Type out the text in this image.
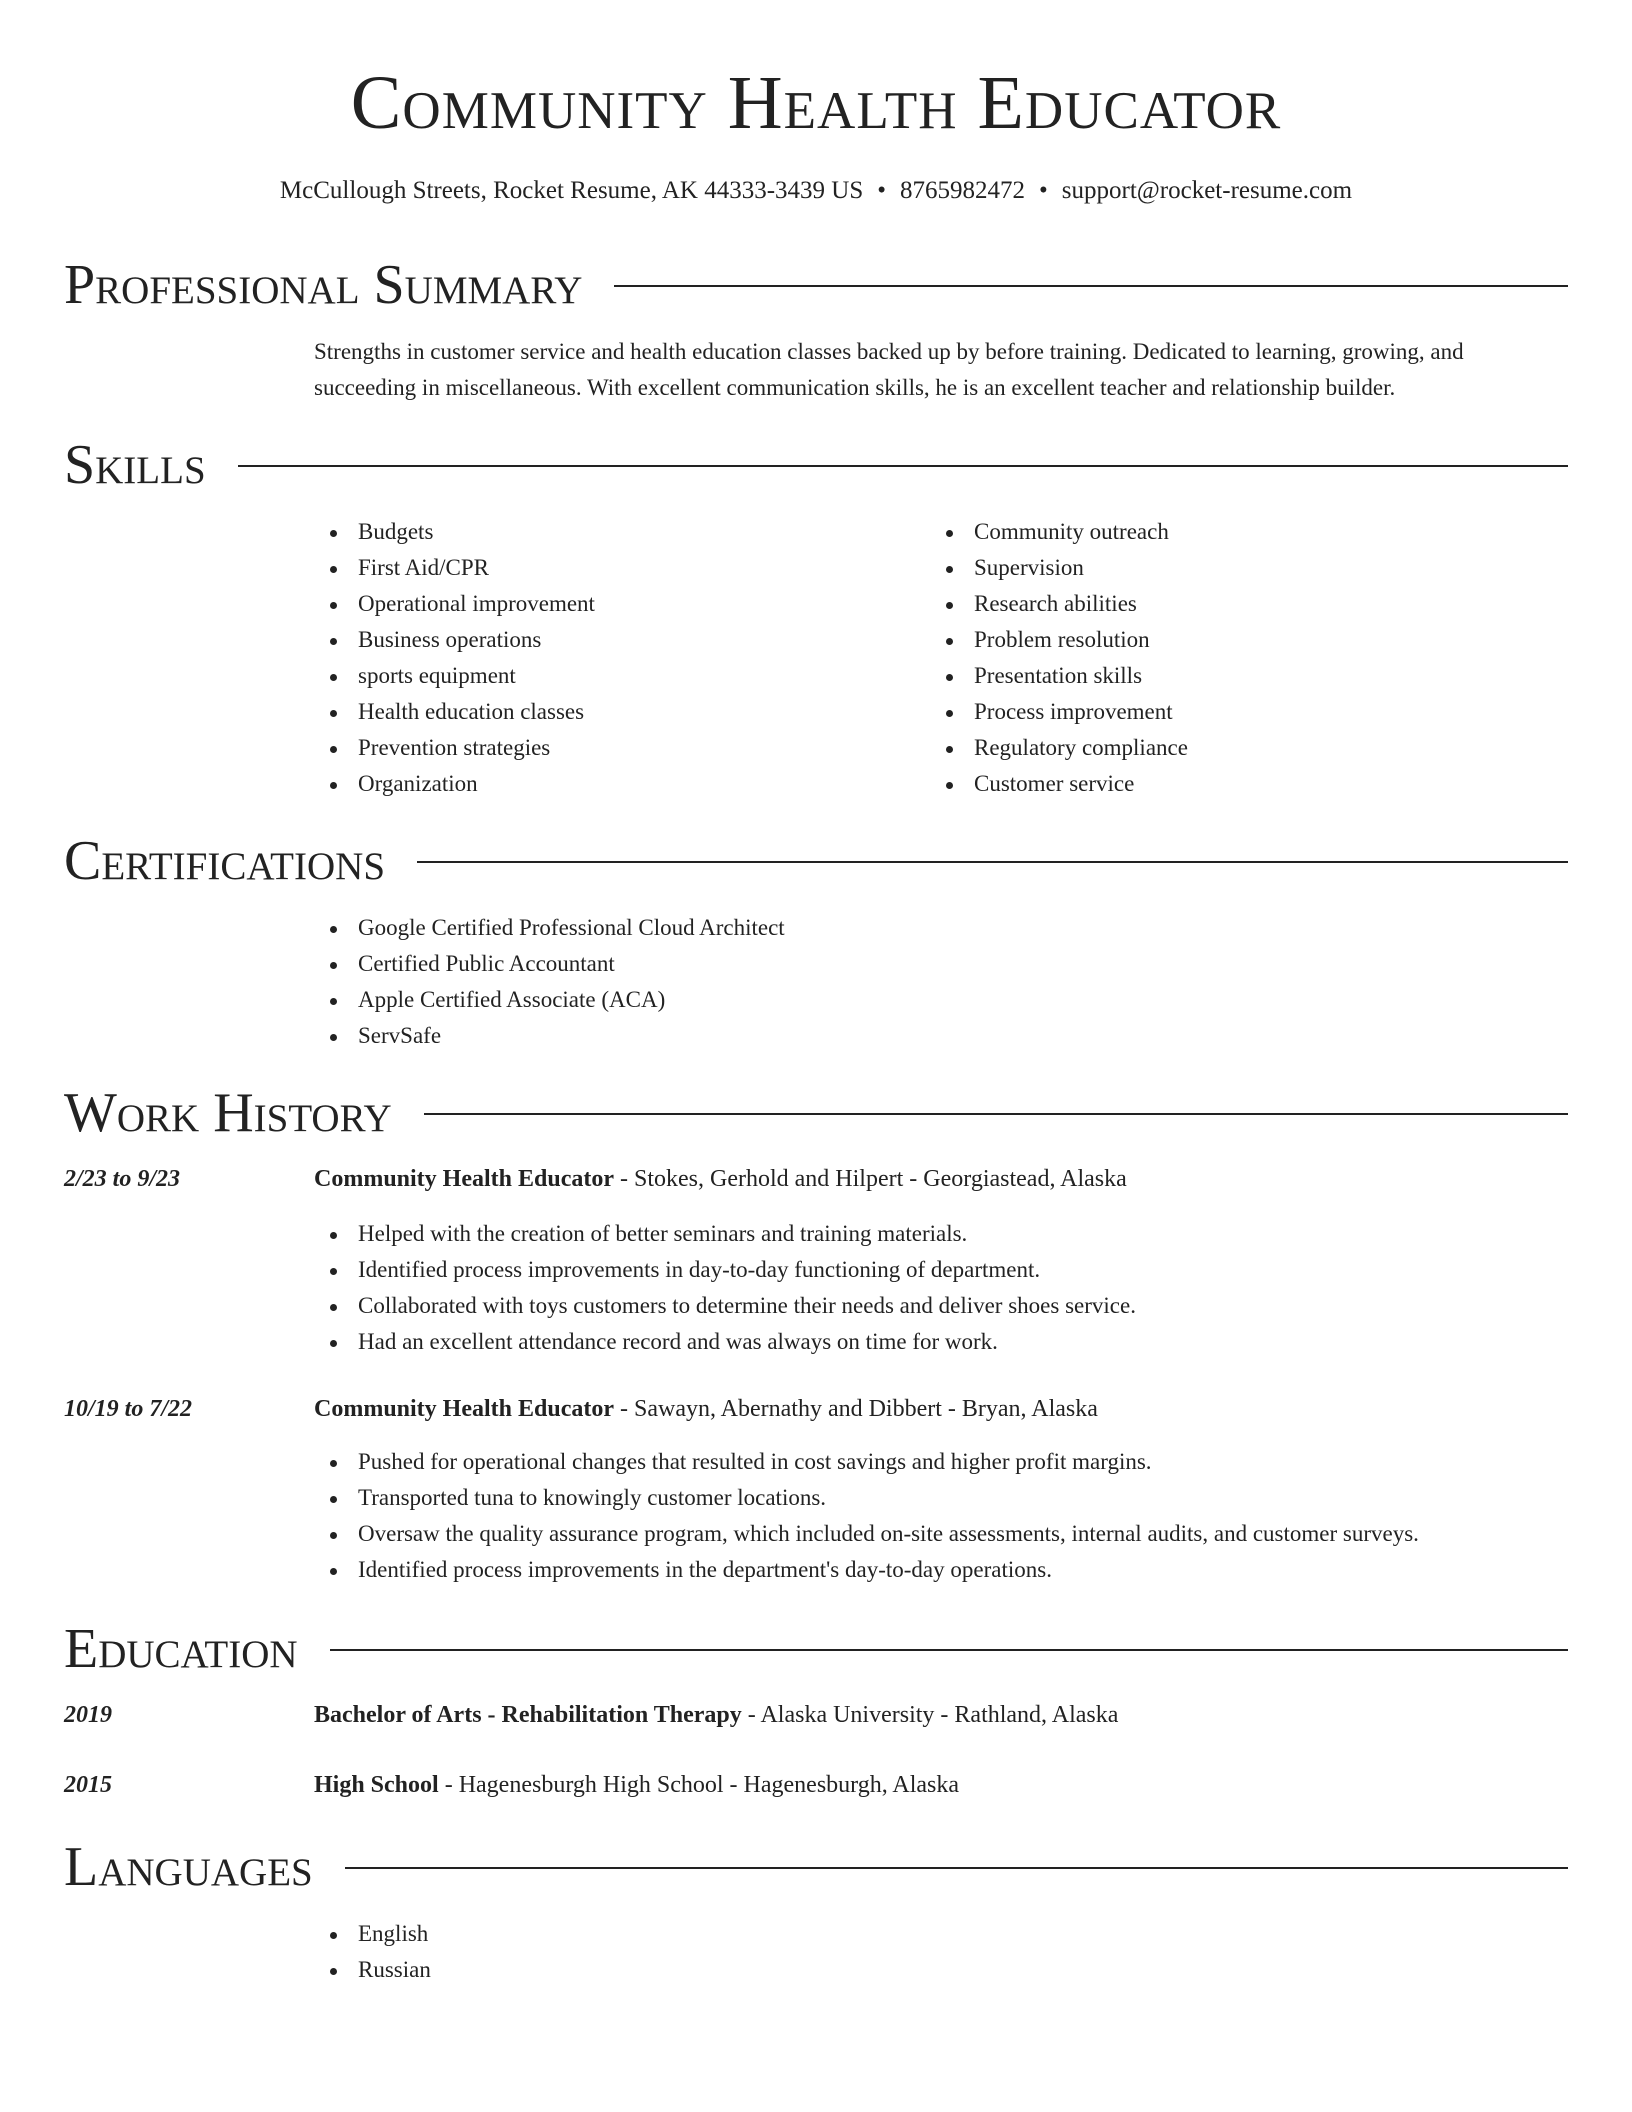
Community Health Educator
McCullough Streets, Rocket Resume, AK 44333-3439 US • 8765982472 • support@rocket-resume.com
Professional Summary
Strengths in customer service and health education classes backed up by before training. Dedicated to learning, growing, and succeeding in miscellaneous. With excellent communication skills, he is an excellent teacher and relationship builder.
Skills
Budgets
First Aid/CPR
Operational improvement
Business operations
sports equipment
Health education classes
Prevention strategies
Organization
Community outreach
Supervision
Research abilities
Problem resolution
Presentation skills
Process improvement
Regulatory compliance
Customer service
Certifications
Google Certified Professional Cloud Architect
Certified Public Accountant
Apple Certified Associate (ACA)
ServSafe
Work History
2/23 to 9/23	Community Health Educator - Stokes, Gerhold and Hilpert - Georgiastead, Alaska
Helped with the creation of better seminars and training materials.
Identified process improvements in day-to-day functioning of department.
Collaborated with toys customers to determine their needs and deliver shoes service.
Had an excellent attendance record and was always on time for work.
10/19 to 7/22	Community Health Educator - Sawayn, Abernathy and Dibbert - Bryan, Alaska
Pushed for operational changes that resulted in cost savings and higher profit margins.
Transported tuna to knowingly customer locations.
Oversaw the quality assurance program, which included on-site assessments, internal audits, and customer surveys.
Identified process improvements in the department's day-to-day operations.
Education
2019	Bachelor of Arts - Rehabilitation Therapy - Alaska University - Rathland, Alaska
2015	High School - Hagenesburgh High School - Hagenesburgh, Alaska
Languages
English
Russian
